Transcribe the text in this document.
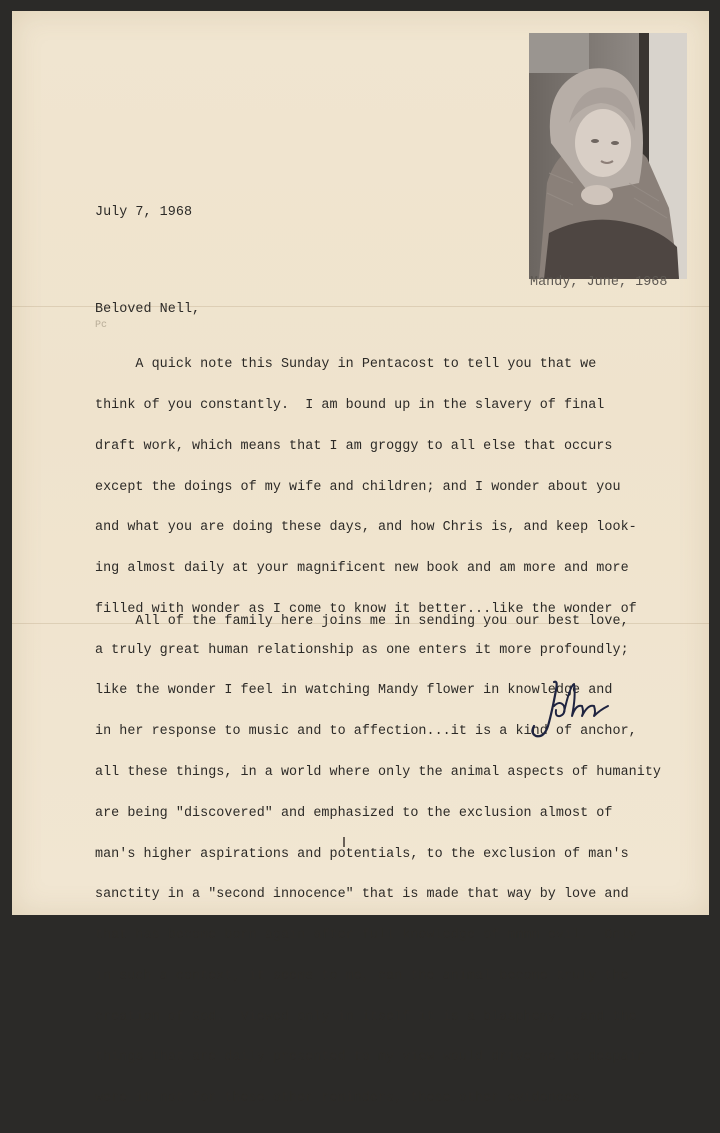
Mandy, June, 1968
July 7, 1968
Beloved Nell,
Pc

A quick note this Sunday in Pentacost to tell you that we

think of you constantly.  I am bound up in the slavery of final

draft work, which means that I am groggy to all else that occurs

except the doings of my wife and children; and I wonder about you

and what you are doing these days, and how Chris is, and keep look-

ing almost daily at your magnificent new book and am more and more

filled with wonder as I come to know it better...like the wonder of

a truly great human relationship as one enters it more profoundly;

like the wonder I feel in watching Mandy flower in knowledge and

in her response to music and to affection...it is a kind of anchor,

all these things, in a world where only the animal aspects of humanity

are being "discovered" and emphasized to the exclusion almost of

man's higher aspirations and potentials, to the exclusion of man's

sanctity in a "second innocence" that is made that way by love and

that has become born again after full knowledge of mmmm evil.  Only

in such a context, it seems to me, can the animal become truly the

creation of God.  Viewed only in itself it is a blasphemy...and the

things that are daily presented to my view would drive me to despair

were it not for these other reminders, these other evidences.

All of the family here joins me in sending you our best love,
